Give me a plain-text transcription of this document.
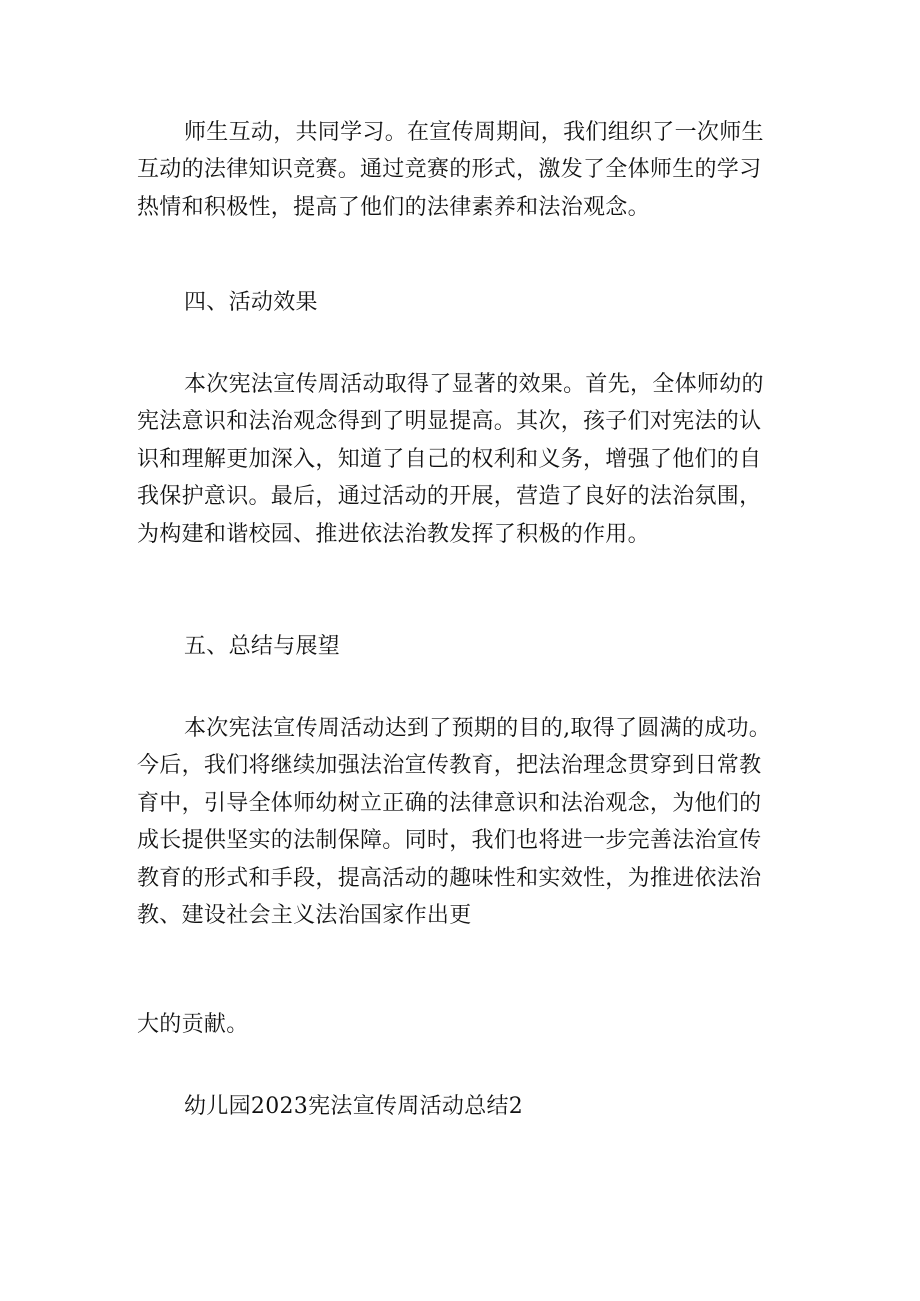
师生互动，共同学习。在宣传周期间，我们组织了一次师生
互动的法律知识竞赛。通过竞赛的形式，激发了全体师生的学习
热情和积极性，提高了他们的法律素养和法治观念。

四、活动效果

本次宪法宣传周活动取得了显著的效果。首先，全体师幼的
宪法意识和法治观念得到了明显提高。其次，孩子们对宪法的认
识和理解更加深入，知道了自己的权利和义务，增强了他们的自
我保护意识。最后，通过活动的开展，营造了良好的法治氛围，
为构建和谐校园、推进依法治教发挥了积极的作用。

五、总结与展望

本次宪法宣传周活动达到了预期的目的,取得了圆满的成功。
今后，我们将继续加强法治宣传教育，把法治理念贯穿到日常教
育中，引导全体师幼树立正确的法律意识和法治观念，为他们的
成长提供坚实的法制保障。同时，我们也将进一步完善法治宣传
教育的形式和手段，提高活动的趣味性和实效性，为推进依法治
教、建设社会主义法治国家作出更

大的贡献。

幼儿园2023宪法宣传周活动总结2
